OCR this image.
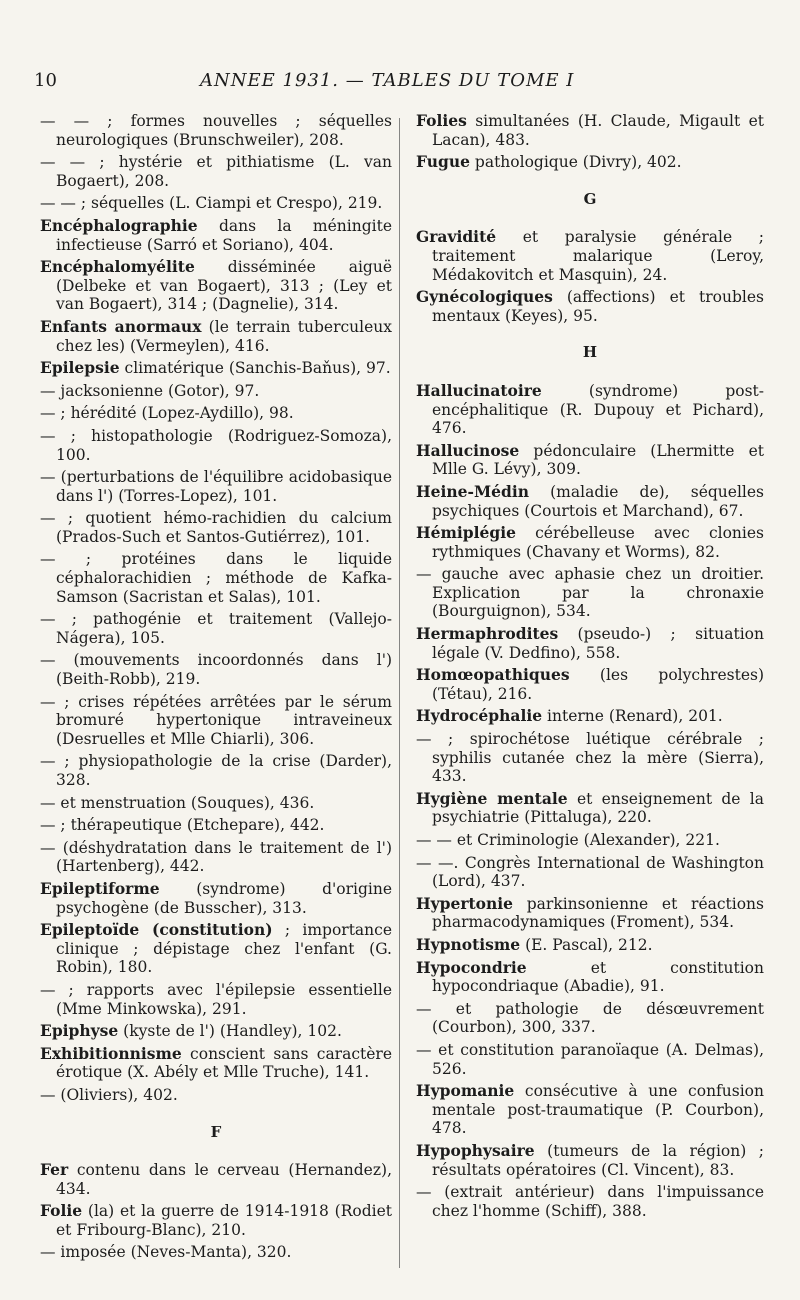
10	ANNEE 1931. — TABLES DU TOME I
— — ; formes nouvelles ; séquelles neurologiques (Brunschweiler), 208.
— — ; hystérie et pithiatisme (L. van Bogaert), 208.
— — ; séquelles (L. Ciampi et Crespo), 219.
Encéphalographie dans la méningite infectieuse (Sarró et Soriano), 404.
Encéphalomyélite disséminée aiguë (Delbeke et van Bogaert), 313 ; (Ley et van Bogaert), 314 ; (Dagnelie), 314.
Enfants anormaux (le terrain tuberculeux chez les) (Vermeylen), 416.
Epilepsie climatérique (Sanchis-Baňus), 97.
— jacksonienne (Gotor), 97.
— ; hérédité (Lopez-Aydillo), 98.
— ; histopathologie (Rodriguez-Somoza), 100.
— (perturbations de l'équilibre acidobasique dans l') (Torres-Lopez), 101.
— ; quotient hémo-rachidien du calcium (Prados-Such et Santos-Gutiérrez), 101.
— ; protéines dans le liquide céphalorachidien ; méthode de Kafka-Samson (Sacristan et Salas), 101.
— ; pathogénie et traitement (Vallejo-Nágera), 105.
— (mouvements incoordonnés dans l') (Beith-Robb), 219.
— ; crises répétées arrêtées par le sérum bromuré hypertonique intraveineux (Desruelles et Mlle Chiarli), 306.
— ; physiopathologie de la crise (Darder), 328.
— et menstruation (Souques), 436.
— ; thérapeutique (Etchepare), 442.
— (déshydratation dans le traitement de l') (Hartenberg), 442.
Epileptiforme (syndrome) d'origine psychogène (de Busscher), 313.
Epileptoïde (constitution) ; importance clinique ; dépistage chez l'enfant (G. Robin), 180.
— ; rapports avec l'épilepsie essentielle (Mme Minkowska), 291.
Epiphyse (kyste de l') (Handley), 102.
Exhibitionnisme conscient sans caractère érotique (X. Abély et Mlle Truche), 141.
— (Oliviers), 402.
F
Fer contenu dans le cerveau (Hernandez), 434.
Folie (la) et la guerre de 1914-1918 (Rodiet et Fribourg-Blanc), 210.
— imposée (Neves-Manta), 320.
Folies simultanées (H. Claude, Migault et Lacan), 483.
Fugue pathologique (Divry), 402.
G
Gravidité et paralysie générale ; traitement malarique (Leroy, Médakovitch et Masquin), 24.
Gynécologiques (affections) et troubles mentaux (Keyes), 95.
H
Hallucinatoire (syndrome) post-encéphalitique (R. Dupouy et Pichard), 476.
Hallucinose pédonculaire (Lhermitte et Mlle G. Lévy), 309.
Heine-Médin (maladie de), séquelles psychiques (Courtois et Marchand), 67.
Hémiplégie cérébelleuse avec clonies rythmiques (Chavany et Worms), 82.
— gauche avec aphasie chez un droitier. Explication par la chronaxie (Bourguignon), 534.
Hermaphrodites (pseudo-) ; situation légale (V. Dedfino), 558.
Homœopathiques (les polychrestes) (Tétau), 216.
Hydrocéphalie interne (Renard), 201.
— ; spirochétose luétique cérébrale ; syphilis cutanée chez la mère (Sierra), 433.
Hygiène mentale et enseignement de la psychiatrie (Pittaluga), 220.
— — et Criminologie (Alexander), 221.
— —. Congrès International de Washington (Lord), 437.
Hypertonie parkinsonienne et réactions pharmacodynamiques (Froment), 534.
Hypnotisme (E. Pascal), 212.
Hypocondrie et constitution hypocondriaque (Abadie), 91.
— et pathologie de désœuvrement (Courbon), 300, 337.
— et constitution paranoïaque (A. Delmas), 526.
Hypomanie consécutive à une confusion mentale post-traumatique (P. Courbon), 478.
Hypophysaire (tumeurs de la région) ; résultats opératoires (Cl. Vincent), 83.
— (extrait antérieur) dans l'impuissance chez l'homme (Schiff), 388.
